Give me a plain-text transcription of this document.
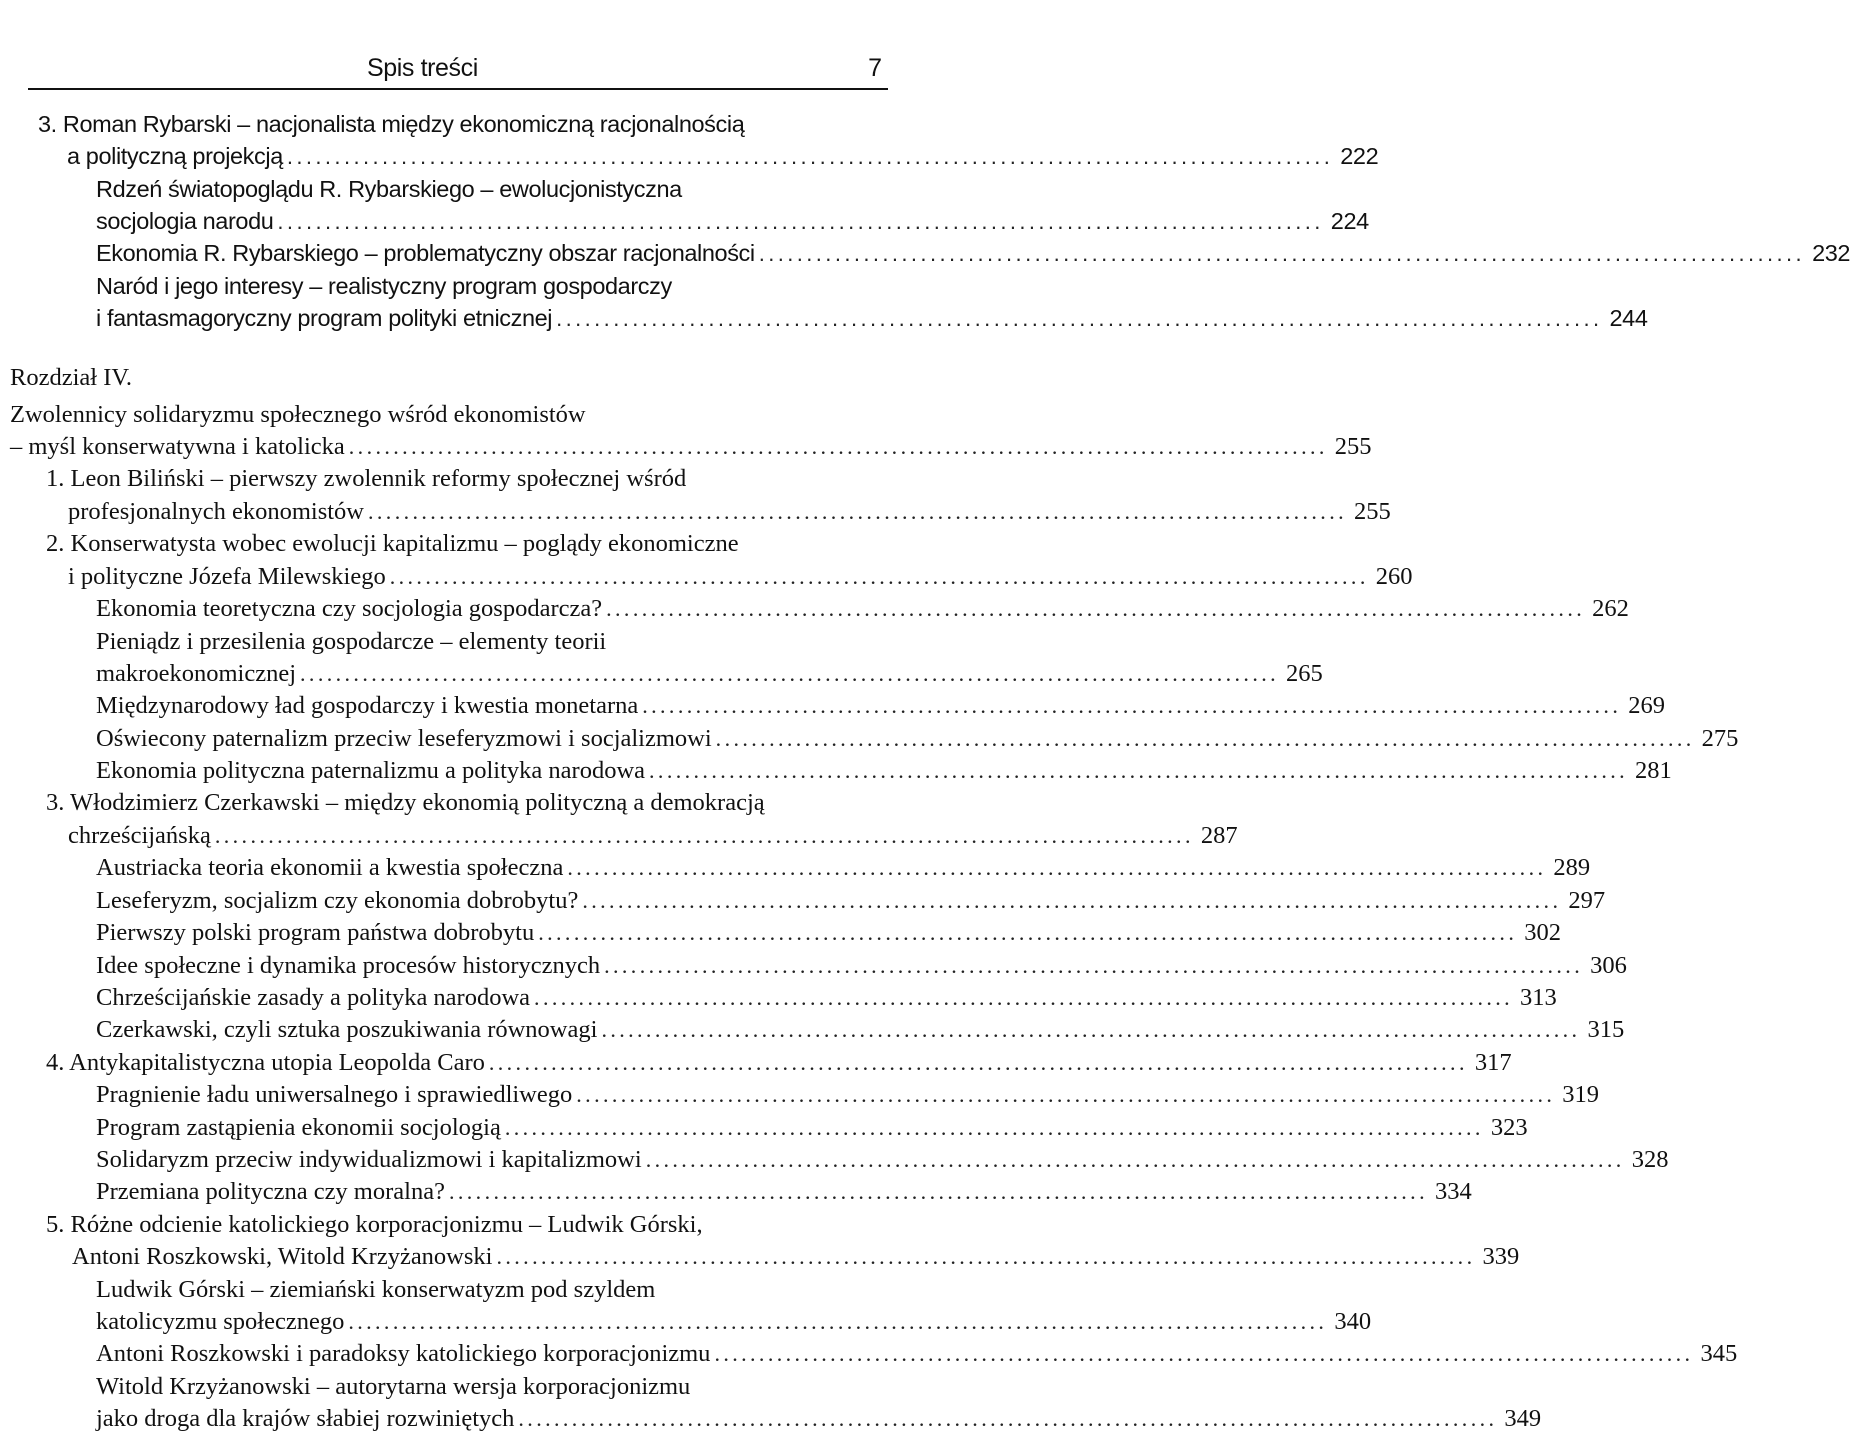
Spis treści	7
3. Roman Rybarski – nacjonalista między ekonomiczną racjonalnością
a polityczną projekcją .............................................................................................................. 222
Rdzeń światopoglądu R. Rybarskiego – ewolucjonistyczna
socjologia narodu .............................................................................................................. 224
Ekonomia R. Rybarskiego – problematyczny obszar racjonalności .............................................................................................................. 232
Naród i jego interesy – realistyczny program gospodarczy
i fantasmagoryczny program polityki etnicznej .............................................................................................................. 244
Rozdział IV.
Zwolennicy solidaryzmu społecznego wśród ekonomistów
– myśl konserwatywna i katolicka .............................................................................................................. 255
1. Leon Biliński – pierwszy zwolennik reformy społecznej wśród
profesjonalnych ekonomistów .............................................................................................................. 255
2. Konserwatysta wobec ewolucji kapitalizmu – poglądy ekonomiczne
i polityczne Józefa Milewskiego .............................................................................................................. 260
Ekonomia teoretyczna czy socjologia gospodarcza? .............................................................................................................. 262
Pieniądz i przesilenia gospodarcze – elementy teorii
makroekonomicznej .............................................................................................................. 265
Międzynarodowy ład gospodarczy i kwestia monetarna .............................................................................................................. 269
Oświecony paternalizm przeciw leseferyzmowi i socjalizmowi .............................................................................................................. 275
Ekonomia polityczna paternalizmu a polityka narodowa .............................................................................................................. 281
3. Włodzimierz Czerkawski – między ekonomią polityczną a demokracją
chrześcijańską .............................................................................................................. 287
Austriacka teoria ekonomii a kwestia społeczna .............................................................................................................. 289
Leseferyzm, socjalizm czy ekonomia dobrobytu? .............................................................................................................. 297
Pierwszy polski program państwa dobrobytu .............................................................................................................. 302
Idee społeczne i dynamika procesów historycznych .............................................................................................................. 306
Chrześcijańskie zasady a polityka narodowa .............................................................................................................. 313
Czerkawski, czyli sztuka poszukiwania równowagi .............................................................................................................. 315
4. Antykapitalistyczna utopia Leopolda Caro .............................................................................................................. 317
Pragnienie ładu uniwersalnego i sprawiedliwego .............................................................................................................. 319
Program zastąpienia ekonomii socjologią .............................................................................................................. 323
Solidaryzm przeciw indywidualizmowi i kapitalizmowi .............................................................................................................. 328
Przemiana polityczna czy moralna? .............................................................................................................. 334
5. Różne odcienie katolickiego korporacjonizmu – Ludwik Górski,
Antoni Roszkowski, Witold Krzyżanowski .............................................................................................................. 339
Ludwik Górski – ziemiański konserwatyzm pod szyldem
katolicyzmu społecznego .............................................................................................................. 340
Antoni Roszkowski i paradoksy katolickiego korporacjonizmu .............................................................................................................. 345
Witold Krzyżanowski – autorytarna wersja korporacjonizmu
jako droga dla krajów słabiej rozwiniętych .............................................................................................................. 349
